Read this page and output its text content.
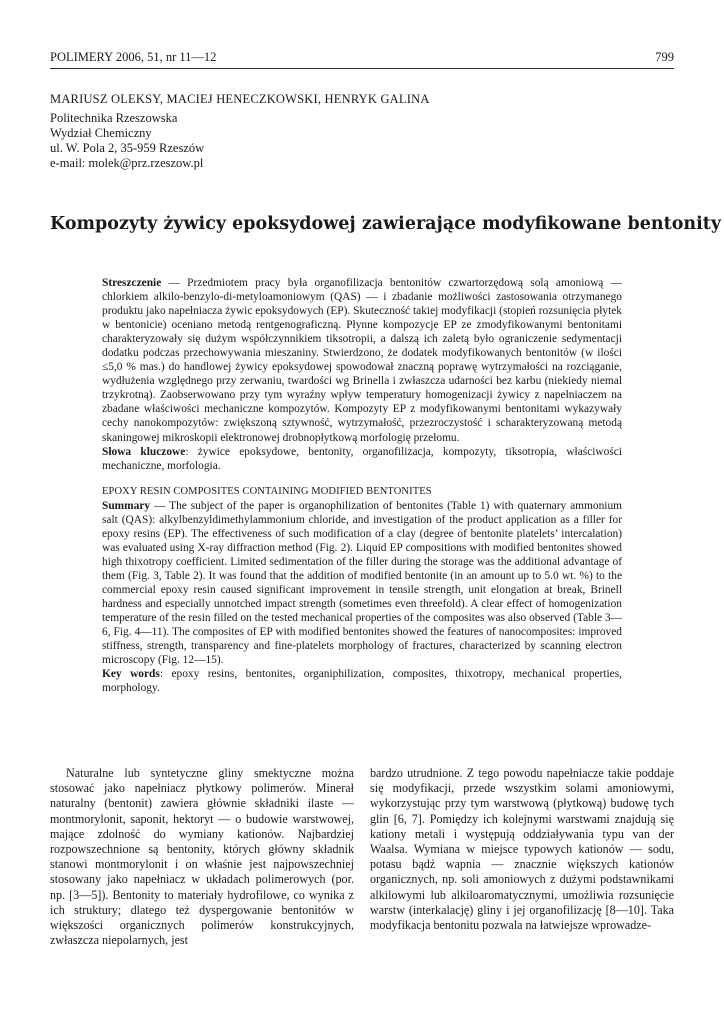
POLIMERY 2006, 51, nr 11—12	799
MARIUSZ OLEKSY, MACIEJ HENECZKOWSKI, HENRYK GALINA
Politechnika Rzeszowska
Wydział Chemiczny
ul. W. Pola 2, 35-959 Rzeszów
e-mail: molek@prz.rzeszow.pl
Kompozyty żywicy epoksydowej zawierające modyfikowane bentonity

Streszczenie — Przedmiotem pracy była organofilizacja bentonitów czwartorzędową solą amoniową — chlorkiem alkilo-benzylo-di-metyloamoniowym (QAS) — i zbadanie możliwości zastosowania otrzymanego produktu jako napełniacza żywic epoksydowych (EP). Skuteczność takiej modyfikacji (stopień rozsunięcia płytek w bentonicie) oceniano metodą rentgenograficzną. Płynne kompozycje EP ze zmodyfikowanymi bentonitami charakteryzowały się dużym współczynnikiem tiksotropii, a dalszą ich zaletą było ograniczenie sedymentacji dodatku podczas przechowywania mieszaniny. Stwierdzono, że dodatek modyfikowanych bentonitów (w ilości ≤5,0 % mas.) do handlowej żywicy epoksydowej spowodował znaczną poprawę wytrzymałości na rozciąganie, wydłużenia względnego przy zerwaniu, twardości wg Brinella i zwłaszcza udarności bez karbu (niekiedy niemal trzykrotną). Zaobserwowano przy tym wyraźny wpływ temperatury homogenizacji żywicy z napełniaczem na zbadane właściwości mechaniczne kompozytów. Kompozyty EP z modyfikowanymi bentonitami wykazywały cechy nanokompozytów: zwiększoną sztywność, wytrzymałość, przezroczystość i scharakteryzowaną metodą skaningowej mikroskopii elektronowej drobnopłytkową morfologię przełomu.

Słowa kluczowe: żywice epoksydowe, bentonity, organofilizacja, kompozyty, tiksotropia, właściwości mechaniczne, morfologia.

EPOXY RESIN COMPOSITES CONTAINING MODIFIED BENTONITES

Summary — The subject of the paper is organophilization of bentonites (Table 1) with quaternary ammonium salt (QAS): alkylbenzyldimethylammonium chloride, and investigation of the product application as a filler for epoxy resins (EP). The effectiveness of such modification of a clay (degree of bentonite platelets’ intercalation) was evaluated using X-ray diffraction method (Fig. 2). Liquid EP compositions with modified bentonites showed high thixotropy coefficient. Limited sedimentation of the filler during the storage was the additional advantage of them (Fig. 3, Table 2). It was found that the addition of modified bentonite (in an amount up to 5.0 wt. %) to the commercial epoxy resin caused significant improvement in tensile strength, unit elongation at break, Brinell hardness and especially unnotched impact strength (sometimes even threefold). A clear effect of homogenization temperature of the resin filled on the tested mechanical properties of the composites was also observed (Table 3—6, Fig. 4—11). The composites of EP with modified bentonites showed the features of nanocomposites: improved stiffness, strength, transparency and fine-platelets morphology of fractures, characterized by scanning electron microscopy (Fig. 12—15).

Key words: epoxy resins, bentonites, organiphilization, composites, thixotropy, mechanical properties, morphology.

Naturalne lub syntetyczne gliny smektyczne można stosować jako napełniacz płytkowy polimerów. Minerał naturalny (bentonit) zawiera głównie składniki ilaste — montmorylonit, saponit, hektoryt — o budowie warstwowej, mające zdolność do wymiany kationów. Najbardziej rozpowszechnione są bentonity, których główny składnik stanowi montmorylonit i on właśnie jest najpowszechniej stosowany jako napełniacz w układach polimerowych (por. np. [3—5]). Bentonity to materiały hydrofilowe, co wynika z ich struktury; dlatego też dyspergowanie bentonitów w większości organicznych polimerów konstrukcyjnych, zwłaszcza niepolarnych, jest

bardzo utrudnione. Z tego powodu napełniacze takie poddaje się modyfikacji, przede wszystkim solami amoniowymi, wykorzystując przy tym warstwową (płytkową) budowę tych glin [6, 7]. Pomiędzy ich kolejnymi warstwami znajdują się kationy metali i występują oddziaływania typu van der Waalsa. Wymiana w miejsce typowych kationów — sodu, potasu bądź wapnia — znacznie większych kationów organicznych, np. soli amoniowych z dużymi podstawnikami alkilowymi lub alkiloaromatycznymi, umożliwia rozsunięcie warstw (interkalację) gliny i jej organofilizację [8—10]. Taka modyfikacja bentonitu pozwala na łatwiejsze wprowadze-
